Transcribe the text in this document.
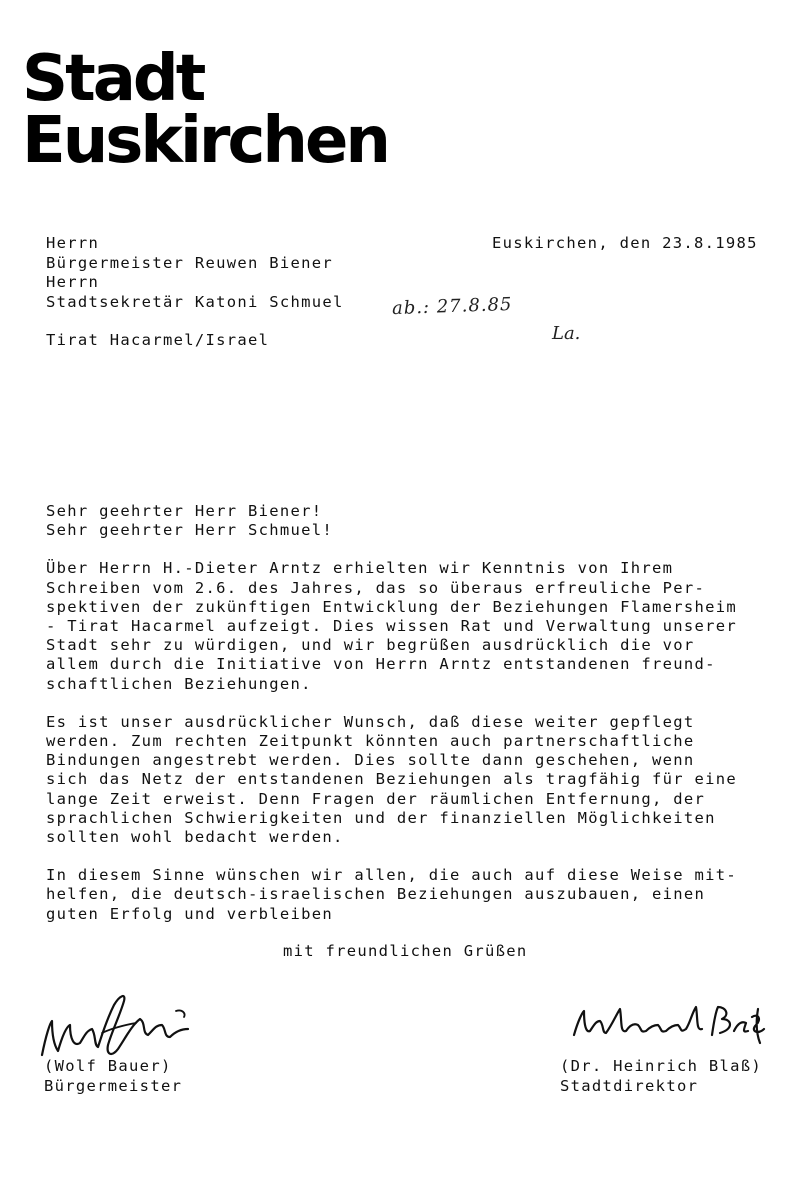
Stadt
Euskirchen
Herrn
Bürgermeister Reuwen Biener
Herrn
Stadtsekretär Katoni Schmuel
Tirat Hacarmel/Israel
Euskirchen, den 23.8.1985
ab.: 27.8.85
La.

Sehr geehrter Herr Biener!
Sehr geehrter Herr Schmuel!

Über Herrn H.-Dieter Arntz erhielten wir Kenntnis von Ihrem
Schreiben vom 2.6. des Jahres, das so überaus erfreuliche Per-
spektiven der zukünftigen Entwicklung der Beziehungen Flamersheim
- Tirat Hacarmel aufzeigt. Dies wissen Rat und Verwaltung unserer
Stadt sehr zu würdigen, und wir begrüßen ausdrücklich die vor
allem durch die Initiative von Herrn Arntz entstandenen freund-
schaftlichen Beziehungen.

Es ist unser ausdrücklicher Wunsch, daß diese weiter gepflegt
werden. Zum rechten Zeitpunkt könnten auch partnerschaftliche
Bindungen angestrebt werden. Dies sollte dann geschehen, wenn
sich das Netz der entstandenen Beziehungen als tragfähig für eine
lange Zeit erweist. Denn Fragen der räumlichen Entfernung, der
sprachlichen Schwierigkeiten und der finanziellen Möglichkeiten
sollten wohl bedacht werden.

In diesem Sinne wünschen wir allen, die auch auf diese Weise mit-
helfen, die deutsch-israelischen Beziehungen auszubauen, einen
guten Erfolg und verbleiben

mit freundlichen Grüßen
(Wolf Bauer)
Bürgermeister
(Dr. Heinrich Blaß)
Stadtdirektor
